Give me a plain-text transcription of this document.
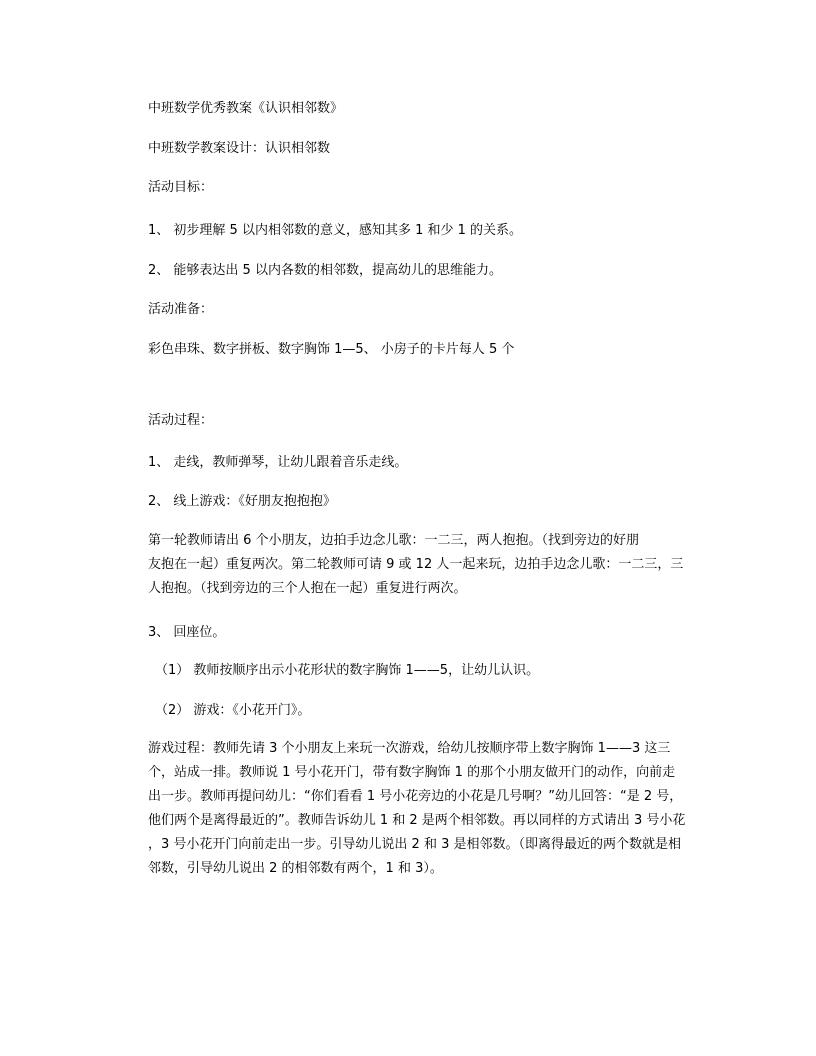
中班数学优秀教案《认识相邻数》
中班数学教案设计：认识相邻数
活动目标：
1、 初步理解 5 以内相邻数的意义，感知其多 1 和少 1 的关系。
2、 能够表达出 5 以内各数的相邻数，提高幼儿的思维能力。
活动准备：
彩色串珠、数字拼板、数字胸饰 1—5、 小房子的卡片每人 5 个
活动过程：
1、 走线，教师弹琴，让幼儿跟着音乐走线。
2、 线上游戏：《好朋友抱抱抱》

第一轮教师请出 6 个小朋友，边拍手边念儿歌：一二三，两人抱抱。（找到旁边的好朋

友抱在一起）重复两次。第二轮教师可请 9 或 12 人一起来玩，边拍手边念儿歌：一二三，三

人抱抱。（找到旁边的三个人抱在一起）重复进行两次。

3、 回座位。
（1） 教师按顺序出示小花形状的数字胸饰 1——5，让幼儿认识。
（2） 游戏：《小花开门》。

游戏过程：教师先请 3 个小朋友上来玩一次游戏，给幼儿按顺序带上数字胸饰 1——3 这三

个，站成一排。教师说 1 号小花开门，带有数字胸饰 1 的那个小朋友做开门的动作，向前走

出一步。教师再提问幼儿：“你们看看 1 号小花旁边的小花是几号啊？”幼儿回答：“是 2 号，

他们两个是离得最近的”。教师告诉幼儿 1 和 2 是两个相邻数。再以同样的方式请出 3 号小花

，3 号小花开门向前走出一步。引导幼儿说出 2 和 3 是相邻数。（即离得最近的两个数就是相

邻数，引导幼儿说出 2 的相邻数有两个，1 和 3）。
